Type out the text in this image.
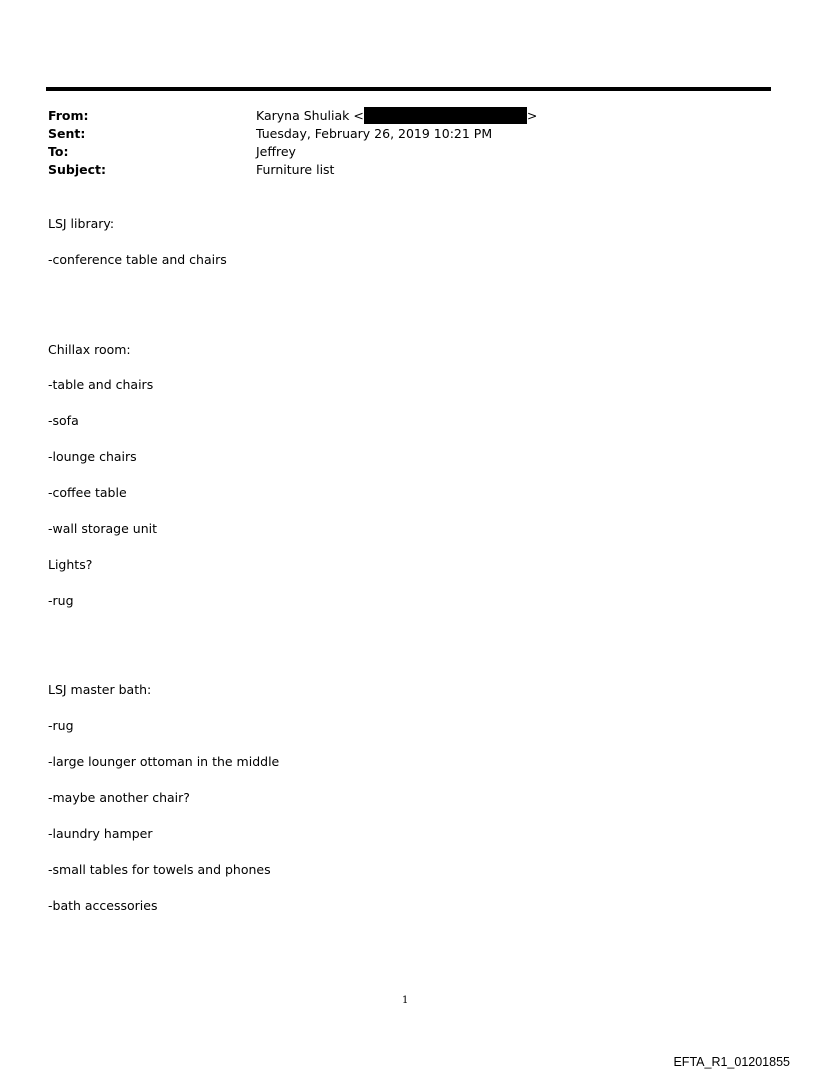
From:	Karyna Shuliak <	>
Sent:	Tuesday, February 26, 2019 10:21 PM
To:	Jeffrey
Subject:	Furniture list
LSJ library:
-conference table and chairs
Chillax room:
-table and chairs
-sofa
-lounge chairs
-coffee table
-wall storage unit
Lights?
-rug
LSJ master bath:
-rug
-large lounger ottoman in the middle
-maybe another chair?
-laundry hamper
-small tables for towels and phones
-bath accessories
1
EFTA_R1_01201855
